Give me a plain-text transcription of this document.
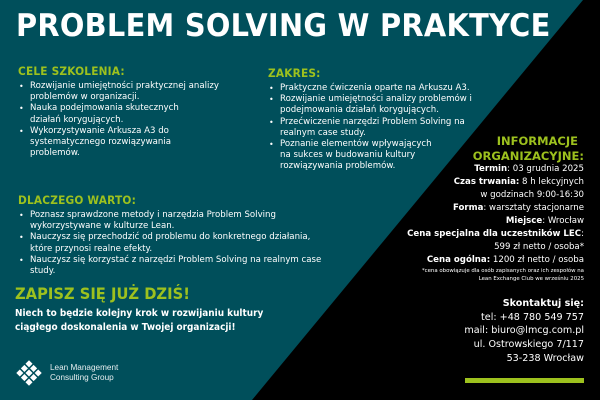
PROBLEM SOLVING W PRAKTYCE
CELE SZKOLENIA:
• Rozwijanie umiejętności praktycznej analizy problemów w organizacji.
• Nauka podejmowania skutecznych działań korygujących.
• Wykorzystywanie Arkusza A3 do systematycznego rozwiązywania problemów.
ZAKRES:
• Praktyczne ćwiczenia oparte na Arkuszu A3.
• Rozwijanie umiejętności analizy problemów i podejmowania działań korygujących.
• Przećwiczenie narzędzi Problem Solving na realnym case study.
• Poznanie elementów wpływających na sukces w budowaniu kultury rozwiązywania problemów.
DLACZEGO WARTO:
• Poznasz sprawdzone metody i narzędzia Problem Solving wykorzystywane w kulturze Lean.
• Nauczysz się przechodzić od problemu do konkretnego działania, które przynosi realne efekty.
• Nauczysz się korzystać z narzędzi Problem Solving na realnym case study.
ZAPISZ SIĘ JUŻ DZIŚ!
Niech to będzie kolejny krok w rozwijaniu kultury ciągłego doskonalenia w Twojej organizacji!
Lean Management
Consulting Group
INFORMACJE
ORGANIZACYJNE:
Termin: 03 grudnia 2025
Czas trwania: 8 h lekcyjnych
w godzinach 9:00-16:30
Forma: warsztaty stacjonarne
Miejsce: Wrocław
Cena specjalna dla uczestników LEC:
599 zł netto / osoba*
Cena ogólna: 1200 zł netto / osoba
*cena obowiązuje dla osób zapisanych oraz ich zespołów na
Lean Exchange Club we wrześniu 2025
Skontaktuj się:
tel: +48 780 549 757
mail: biuro@lmcg.com.pl
ul. Ostrowskiego 7/117
53-238 Wrocław
